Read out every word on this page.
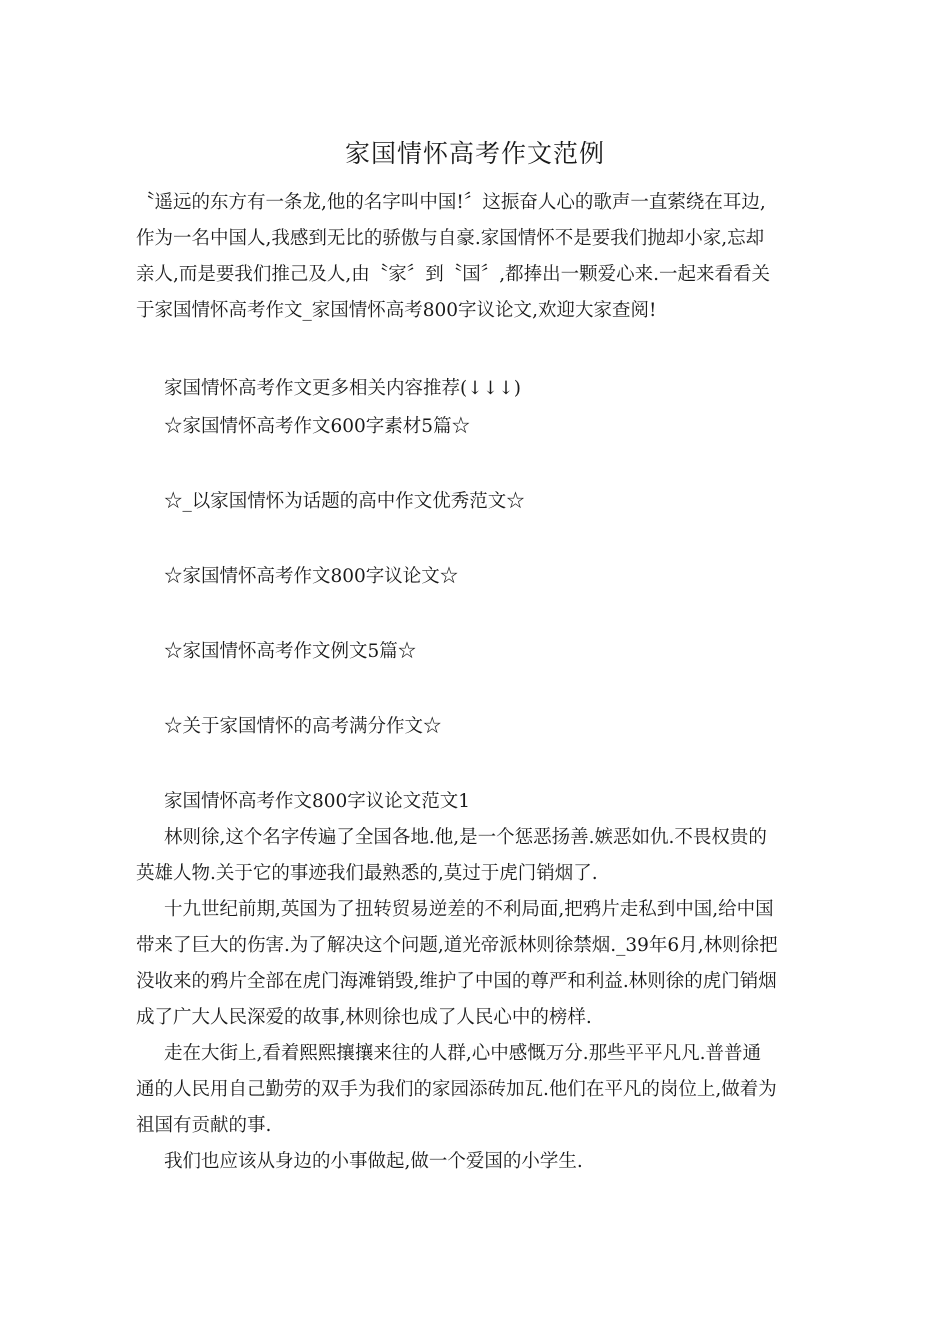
家国情怀高考作文范例
〝遥远的东方有一条龙,他的名字叫中国!〞这振奋人心的歌声一直萦绕在耳边,
作为一名中国人,我感到无比的骄傲与自豪.家国情怀不是要我们抛却小家,忘却
亲人,而是要我们推己及人,由〝家〞到〝国〞,都捧出一颗爱心来.一起来看看关
于家国情怀高考作文_家国情怀高考800字议论文,欢迎大家查阅!
家国情怀高考作文更多相关内容推荐(↓↓↓)
☆家国情怀高考作文600字素材5篇☆
☆_以家国情怀为话题的高中作文优秀范文☆
☆家国情怀高考作文800字议论文☆
☆家国情怀高考作文例文5篇☆
☆关于家国情怀的高考满分作文☆
家国情怀高考作文800字议论文范文1
林则徐,这个名字传遍了全国各地.他,是一个惩恶扬善.嫉恶如仇.不畏权贵的
英雄人物.关于它的事迹我们最熟悉的,莫过于虎门销烟了.
十九世纪前期,英国为了扭转贸易逆差的不利局面,把鸦片走私到中国,给中国
带来了巨大的伤害.为了解决这个问题,道光帝派林则徐禁烟._39年6月,林则徐把
没收来的鸦片全部在虎门海滩销毁,维护了中国的尊严和利益.林则徐的虎门销烟
成了广大人民深爱的故事,林则徐也成了人民心中的榜样.
走在大街上,看着熙熙攘攘来往的人群,心中感慨万分.那些平平凡凡.普普通
通的人民用自己勤劳的双手为我们的家园添砖加瓦.他们在平凡的岗位上,做着为
祖国有贡献的事.
我们也应该从身边的小事做起,做一个爱国的小学生.
